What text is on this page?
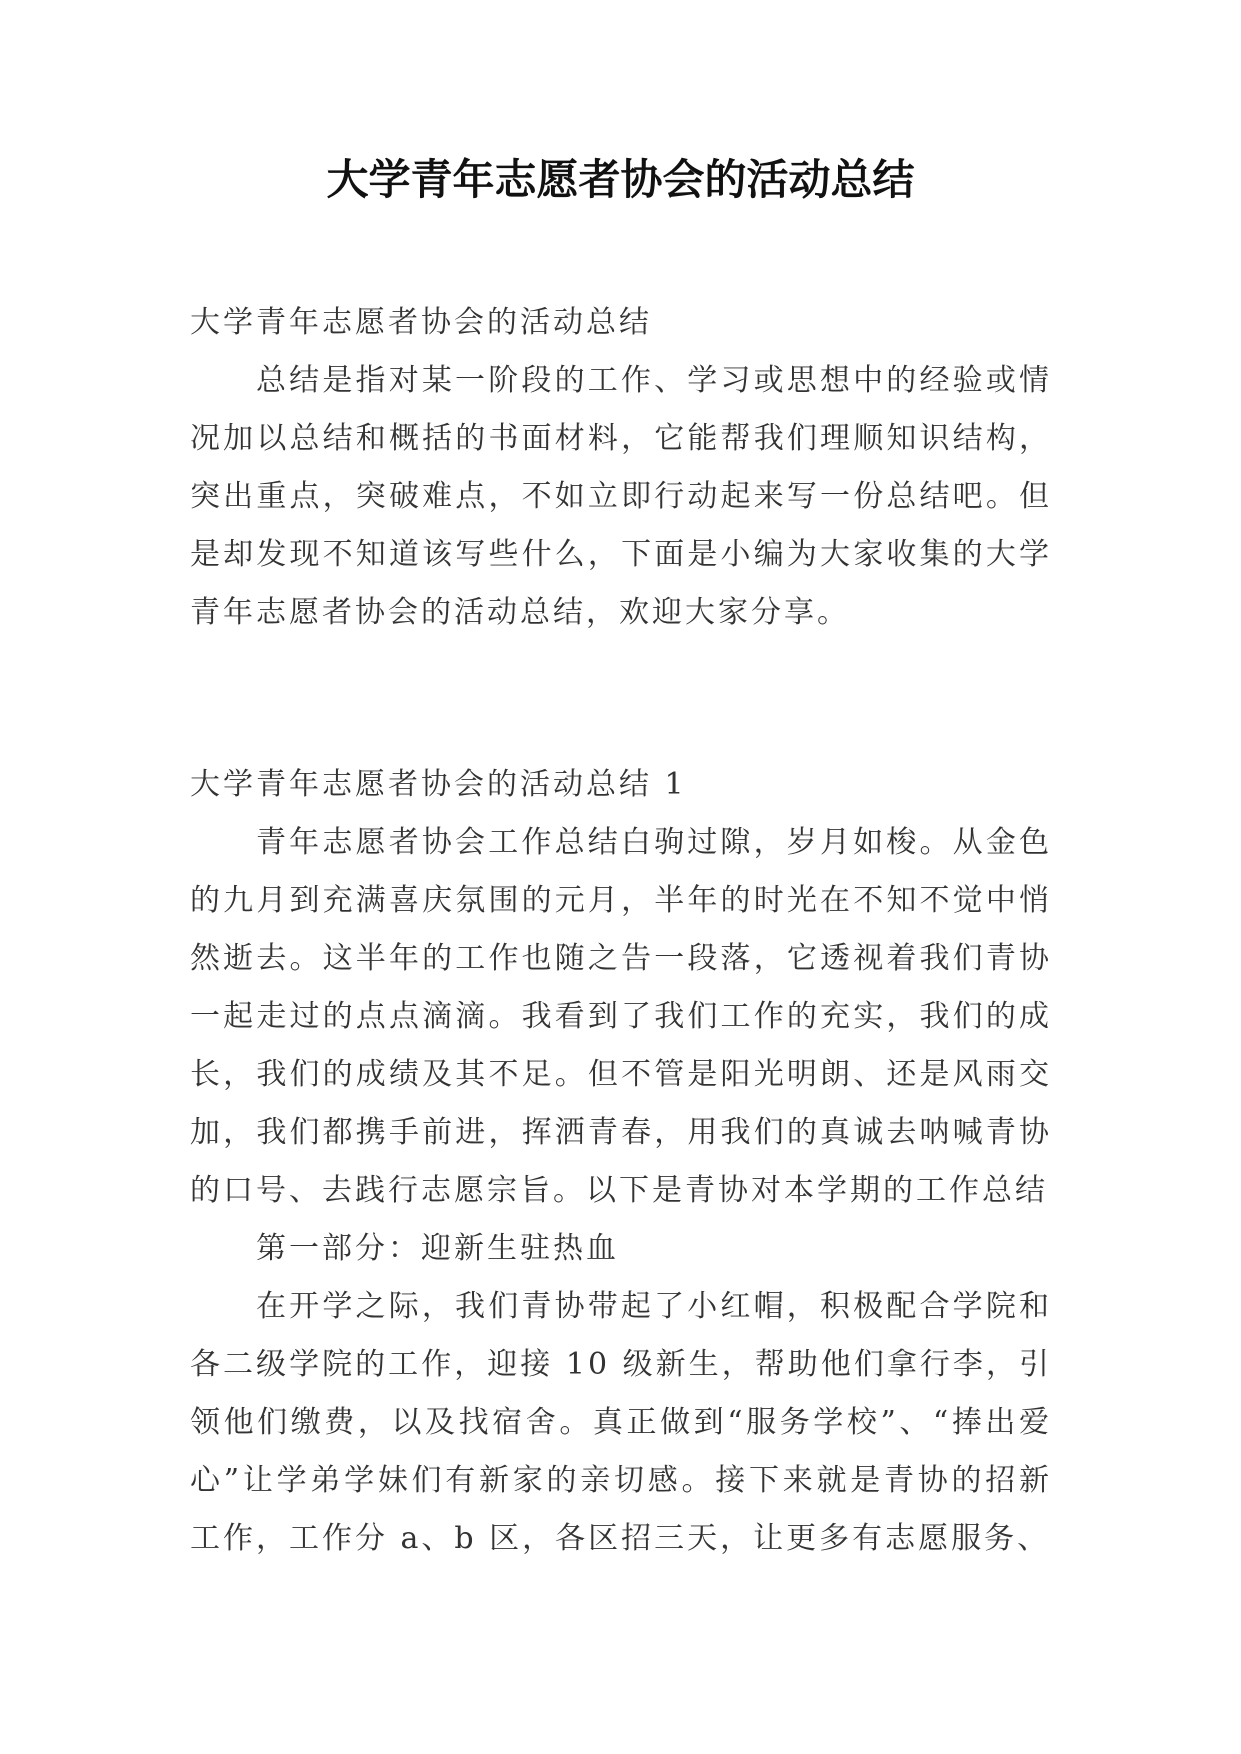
大学青年志愿者协会的活动总结

大学青年志愿者协会的活动总结

总结是指对某一阶段的工作、学习或思想中的经验或情况加以总结和概括的书面材料，它能帮我们理顺知识结构，突出重点，突破难点，不如立即行动起来写一份总结吧。但是却发现不知道该写些什么，下面是小编为大家收集的大学青年志愿者协会的活动总结，欢迎大家分享。

大学青年志愿者协会的活动总结 1

青年志愿者协会工作总结白驹过隙，岁月如梭。从金色的九月到充满喜庆氛围的元月，半年的时光在不知不觉中悄然逝去。这半年的工作也随之告一段落，它透视着我们青协一起走过的点点滴滴。我看到了我们工作的充实，我们的成长，我们的成绩及其不足。但不管是阳光明朗、还是风雨交加，我们都携手前进，挥洒青春，用我们的真诚去呐喊青协的口号、去践行志愿宗旨。以下是青协对本学期的工作总结

第一部分：迎新生驻热血

在开学之际，我们青协带起了小红帽，积极配合学院和各二级学院的工作，迎接 10 级新生，帮助他们拿行李，引领他们缴费，以及找宿舍。真正做到“服务学校”、“捧出爱心”让学弟学妹们有新家的亲切感。接下来就是青协的招新工作，工作分 a、b 区，各区招三天，让更多有志愿服务、
